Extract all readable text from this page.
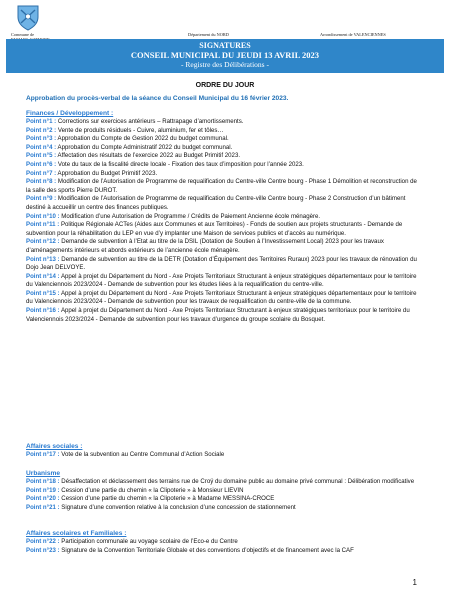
Commune de	Département du NORD	Arrondissement de VALENCIENNES
SIGNATURES
CONSEIL MUNICIPAL DU JEUDI 13 AVRIL 2023
- Registre des Délibérations -
ORDRE DU JOUR
Approbation du procès-verbal de la séance du Conseil Municipal du 16 février 2023.
Finances / Développement :
Point n°1 : Corrections sur exercices antérieurs – Rattrapage d’amortissements.
Point n°2 : Vente de produits résiduels - Cuivre, aluminium, fer et tôles…
Point n°3 : Approbation du Compte de Gestion 2022 du budget communal.
Point n°4 : Approbation du Compte Administratif 2022 du budget communal.
Point n°5 : Affectation des résultats de l’exercice 2022 au Budget Primitif 2023.
Point n°6 : Vote du taux de la fiscalité directe locale - Fixation des taux d’imposition pour l’année 2023.
Point n°7 : Approbation du Budget Primitif 2023.
Point n°8 : Modification de l’Autorisation de Programme de requalification du Centre-ville Centre bourg - Phase 1 Démolition et reconstruction de la salle des sports Pierre DUROT.
Point n°9 : Modification de l’Autorisation de Programme de requalification du Centre-ville Centre bourg - Phase 2 Construction d’un bâtiment destiné à accueillir un centre des finances publiques.
Point n°10 : Modification d’une Autorisation de Programme / Crédits de Paiement Ancienne école ménagère.
Point n°11 : Politique Régionale ACTes (Aides aux Communes et aux Territoires) - Fonds de soutien aux projets structurants - Demande de subvention pour la réhabilitation du LEP en vue d’y implanter une Maison de services publics et d’accès au numérique.
Point n°12 : Demande de subvention à l’Etat au titre de la DSIL (Dotation de Soutien à l’Investissement Local) 2023 pour les travaux d’aménagements intérieurs et abords extérieurs de l’ancienne école ménagère.
Point n°13 : Demande de subvention au titre de la DETR (Dotation d’Équipement des Territoires Ruraux) 2023 pour les travaux de rénovation du Dojo Jean DELVOYE.
Point n°14 : Appel à projet du Département du Nord - Axe Projets Territoriaux Structurant à enjeux stratégiques départementaux pour le territoire du Valenciennois 2023/2024 - Demande de subvention pour les études liées à la requalification du centre-ville.
Point n°15 : Appel à projet du Département du Nord - Axe Projets Territoriaux Structurant à enjeux stratégiques départementaux pour le territoire du Valenciennois 2023/2024 - Demande de subvention pour les travaux de requalification du centre-ville de la commune.
Point n°16 : Appel à projet du Département du Nord - Axe Projets Territoriaux Structurant à enjeux stratégiques territoriaux pour le territoire du Valenciennois 2023/2024 - Demande de subvention pour les travaux d’urgence du groupe scolaire du Bosquet.
Affaires sociales :
Point n°17 : Vote de la subvention au Centre Communal d’Action Sociale
Urbanisme
Point n°18 : Désaffectation et déclassement des terrains rue de Croÿ du domaine public au domaine privé communal : Délibération modificative
Point n°19 : Cession d’une partie du chemin « la Clipoterie » à Monsieur LIEVIN
Point n°20 : Cession d’une partie du chemin « la Clipoterie » à Madame MESSINA-CROCE
Point n°21 : Signature d’une convention relative à la conclusion d’une concession de stationnement
Affaires scolaires et Familiales :
Point n°22 : Participation communale au voyage scolaire de l’Eco-e du Centre
Point n°23 : Signature de la Convention Territoriale Globale et des conventions d’objectifs et de financement avec la CAF
1
